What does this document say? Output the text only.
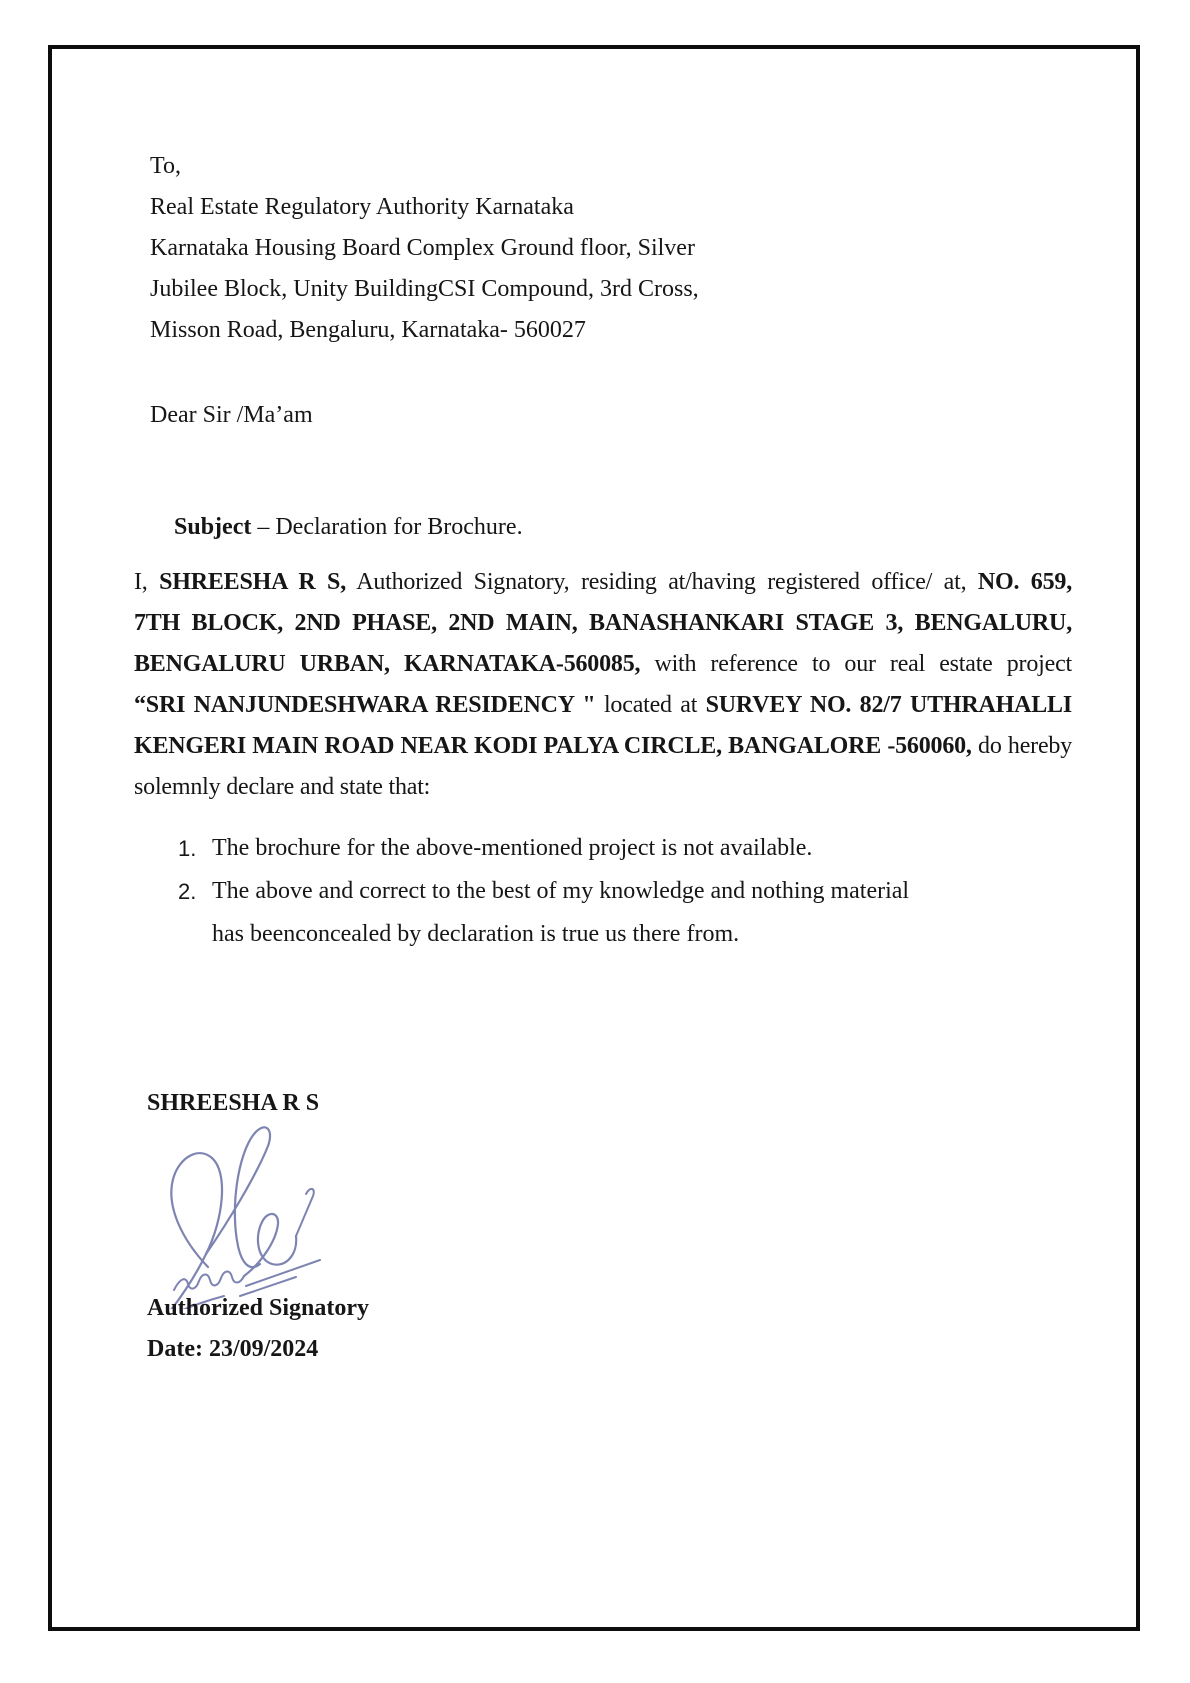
To,
Real Estate Regulatory Authority Karnataka
Karnataka Housing Board Complex Ground floor, Silver
Jubilee Block, Unity BuildingCSI Compound, 3rd Cross,
Misson Road, Bengaluru, Karnataka- 560027
Dear Sir /Ma’am

Subject – Declaration for Brochure.

I, SHREESHA R S, Authorized Signatory, residing at/having registered office/ at, NO. 659,
7TH BLOCK, 2ND PHASE, 2ND MAIN, BANASHANKARI STAGE 3, BENGALURU,
BENGALURU URBAN, KARNATAKA-560085, with reference to our real estate project
“SRI NANJUNDESHWARA RESIDENCY " located at SURVEY NO. 82/7 UTHRAHALLI
KENGERI MAIN ROAD NEAR KODI PALYA CIRCLE, BANGALORE -560060, do hereby
solemnly declare and state that:
1. The brochure for the above-mentioned project is not available.
2. The above and correct to the best of my knowledge and nothing material
has beenconcealed by declaration is true us there from.
SHREESHA R S
Authorized Signatory
Date: 23/09/2024
